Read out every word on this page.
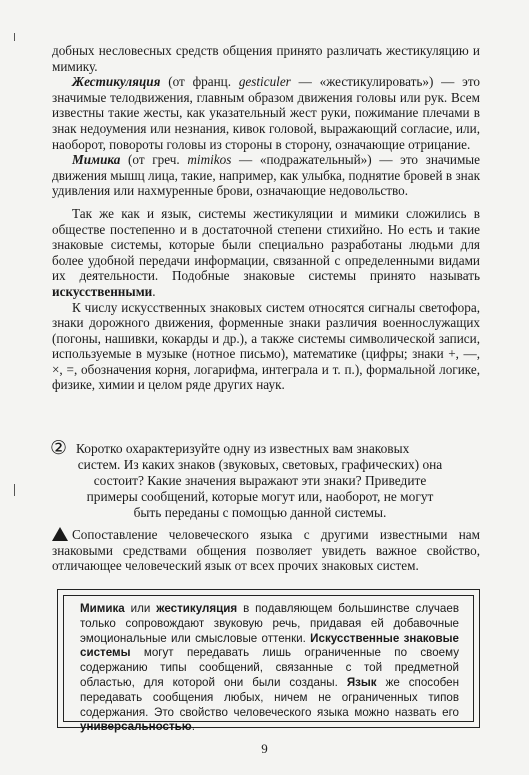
добных несловесных средств общения принято различать жестикуляцию и мимику.

Жестикуляция (от франц. gesticuler — «жестикулировать») — это значимые телодвижения, главным образом движения головы или рук. Всем известны такие жесты, как указательный жест руки, пожимание плечами в знак недоумения или незнания, кивок головой, выражающий согласие, или, наоборот, повороты головы из стороны в сторону, означающие отрицание.

Мимика (от греч. mimikos — «подражательный») — это значимые движения мышц лица, такие, например, как улыбка, поднятие бровей в знак удивления или нахмуренные брови, означающие недовольство.

Так же как и язык, системы жестикуляции и мимики сложились в обществе постепенно и в достаточной степени стихийно. Но есть и такие знаковые системы, которые были специально разработаны людьми для более удобной передачи информации, связанной с определенными видами их деятельности. Подобные знаковые системы принято называть искусственными.

К числу искусственных знаковых систем относятся сигналы светофора, знаки дорожного движения, форменные знаки различия военнослужащих (погоны, нашивки, кокарды и др.), а также системы символической записи, используемые в музыке (нотное письмо), математике (цифры; знаки +, —, ×, =, обозначения корня, логарифма, интеграла и т. п.), формальной логике, физике, химии и целом ряде других наук.

② Коротко охарактеризуйте одну из известных вам знаковых
систем. Из каких знаков (звуковых, световых, графических) она
состоит? Какие значения выражают эти знаки? Приведите
примеры сообщений, которые могут или, наоборот, не могут
быть переданы с помощью данной системы.

Сопоставление человеческого языка с другими известными нам знаковыми средствами общения позволяет увидеть важное свойство, отличающее человеческий язык от всех прочих знаковых систем.

Мимика или жестикуляция в подавляющем большинстве случаев только сопровождают звуковую речь, придавая ей добавочные эмоциональные или смысловые оттенки. Искусственные знаковые системы могут передавать лишь ограниченные по своему содержанию типы сообщений, связанные с той предметной областью, для которой они были созданы. Язык же способен передавать сообщения любых, ничем не ограниченных типов содержания. Это свойство человеческого языка можно назвать его универсальностью.
9
